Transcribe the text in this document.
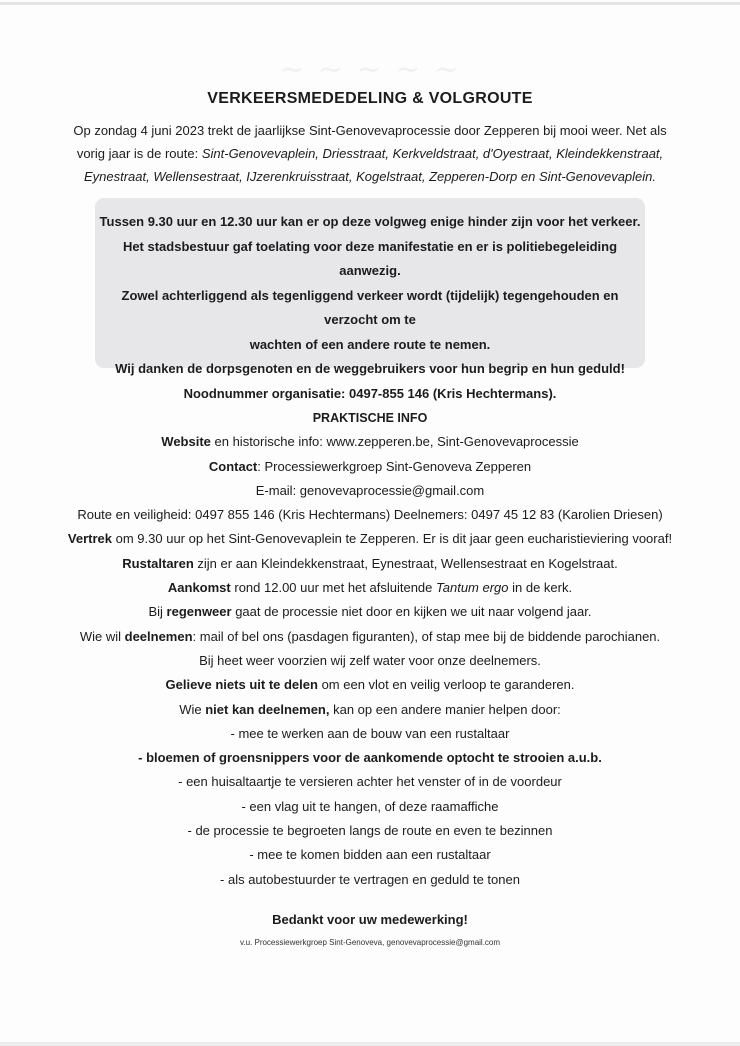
~ ~ ~ ~ ~
VERKEERSMEDEDELING & VOLGROUTE
Op zondag 4 juni 2023 trekt de jaarlijkse Sint-Genovevaprocessie door Zepperen bij mooi weer. Net als
vorig jaar is de route: Sint-Genovevaplein, Driesstraat, Kerkveldstraat, d'Oyestraat, Kleindekkenstraat,
Eynestraat, Wellensestraat, IJzerenkruisstraat, Kogelstraat, Zepperen-Dorp en Sint-Genovevaplein.

Tussen 9.30 uur en 12.30 uur kan er op deze volgweg enige hinder zijn voor het verkeer.

Het stadsbestuur gaf toelating voor deze manifestatie en er is politiebegeleiding aanwezig.

Zowel achterliggend als tegenliggend verkeer wordt (tijdelijk) tegengehouden en verzocht om te

wachten of een andere route te nemen.

Wij danken de dorpsgenoten en de weggebruikers voor hun begrip en hun geduld!

Noodnummer organisatie: 0497-855 146 (Kris Hechtermans).

PRAKTISCHE INFO

Website en historische info: www.zepperen.be, Sint-Genovevaprocessie

Contact: Processiewerkgroep Sint-Genoveva Zepperen

E-mail: genovevaprocessie@gmail.com

Route en veiligheid: 0497 855 146 (Kris Hechtermans) Deelnemers: 0497 45 12 83 (Karolien Driesen)

Vertrek om 9.30 uur op het Sint-Genovevaplein te Zepperen. Er is dit jaar geen eucharistieviering vooraf!

Rustaltaren zijn er aan Kleindekkenstraat, Eynestraat, Wellensestraat en Kogelstraat.

Aankomst rond 12.00 uur met het afsluitende Tantum ergo in de kerk.

Bij regenweer gaat de processie niet door en kijken we uit naar volgend jaar.

Wie wil deelnemen: mail of bel ons (pasdagen figuranten), of stap mee bij de biddende parochianen.

Bij heet weer voorzien wij zelf water voor onze deelnemers.

Gelieve niets uit te delen om een vlot en veilig verloop te garanderen.

Wie niet kan deelnemen, kan op een andere manier helpen door:

- mee te werken aan de bouw van een rustaltaar

- bloemen of groensnippers voor de aankomende optocht te strooien a.u.b.

- een huisaltaartje te versieren achter het venster of in de voordeur

- een vlag uit te hangen, of deze raamaffiche

- de processie te begroeten langs de route en even te bezinnen

- mee te komen bidden aan een rustaltaar

- als autobestuurder te vertragen en geduld te tonen

Bedankt voor uw medewerking!
v.u. Processiewerkgroep Sint-Genoveva, genovevaprocessie@gmail.com
